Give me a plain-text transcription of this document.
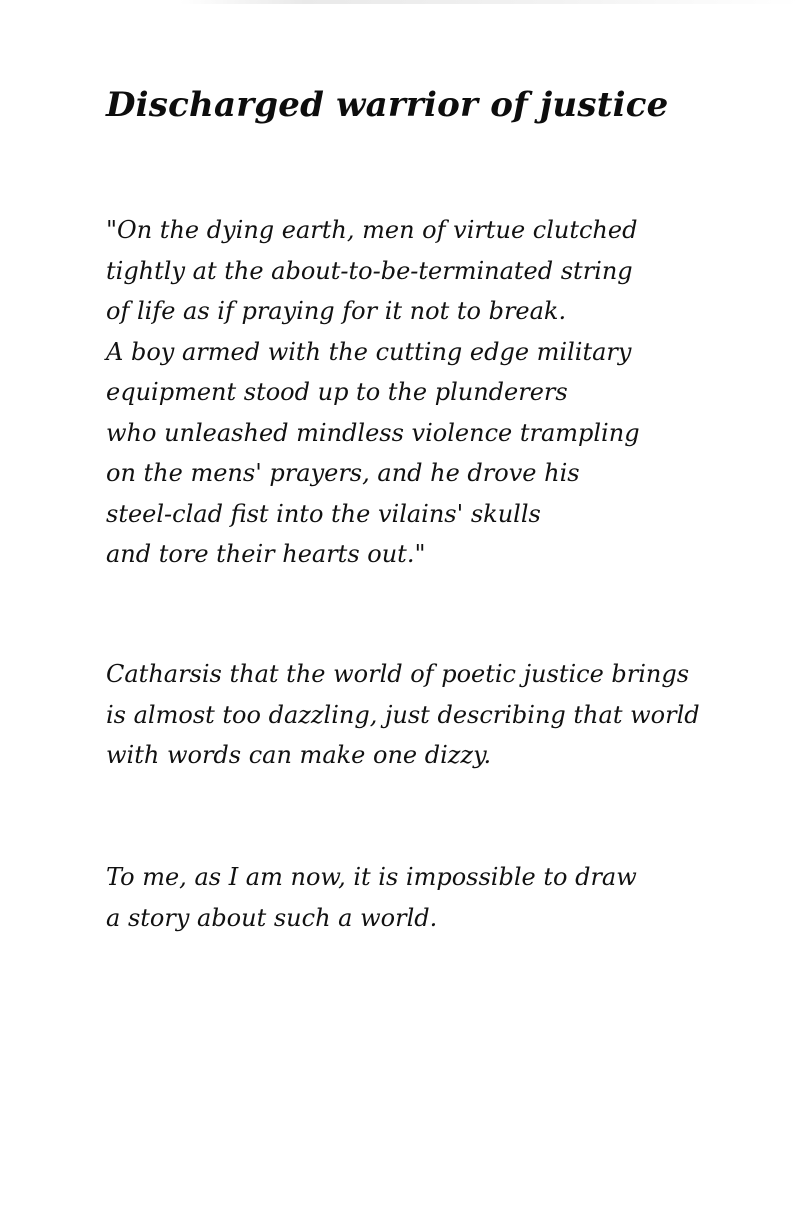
Discharged warrior of justice

"On the dying earth, men of virtue clutched
tightly at the about-to-be-terminated string
of life as if praying for it not to break.
A boy armed with the cutting edge military
equipment stood up to the plunderers
who unleashed mindless violence trampling
on the mens' prayers, and he drove his
steel-clad fist into the vilains' skulls
and tore their hearts out."

Catharsis that the world of poetic justice brings
is almost too dazzling, just describing that world
with words can make one dizzy.

To me, as I am now, it is impossible to draw
a story about such a world.
